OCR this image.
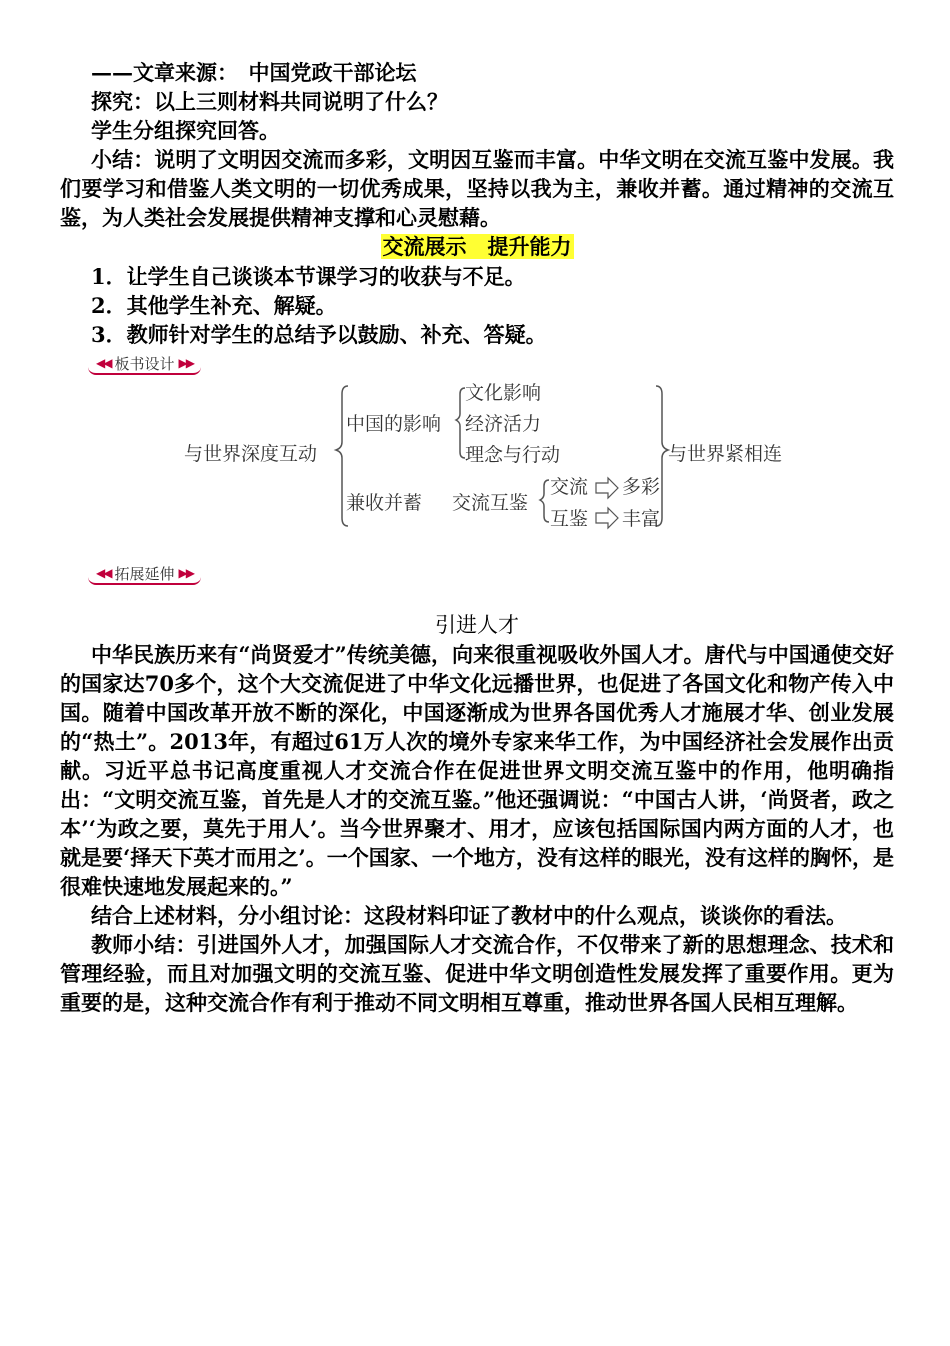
——文章来源：　中国党政干部论坛

探究：以上三则材料共同说明了什么？

学生分组探究回答。

小结：说明了文明因交流而多彩，文明因互鉴而丰富。中华文明在交流互鉴中发展。我们要学习和借鉴人类文明的一切优秀成果，坚持以我为主，兼收并蓄。通过精神的交流互鉴，为人类社会发展提供精神支撑和心灵慰藉。

交流展示　提升能力

1．让学生自己谈谈本节课学习的收获与不足。

2．其他学生补充、解疑。

3．教师针对学生的总结予以鼓励、补充、答疑。

◀◀ 板书设计 ▶▶
与世界深度互动
中国的影响
文化影响
经济活力
理念与行动
兼收并蓄 交流互鉴
交流 多彩
互鉴 丰富
与世界紧相连
◀◀ 拓展延伸 ▶▶

引进人才

中华民族历来有“尚贤爱才”传统美德，向来很重视吸收外国人才。唐代与中国通使交好的国家达70多个，这个大交流促进了中华文化远播世界，也促进了各国文化和物产传入中国。随着中国改革开放不断的深化，中国逐渐成为世界各国优秀人才施展才华、创业发展的“热土”。2013年，有超过61万人次的境外专家来华工作，为中国经济社会发展作出贡献。习近平总书记高度重视人才交流合作在促进世界文明交流互鉴中的作用，他明确指出：“文明交流互鉴，首先是人才的交流互鉴。”他还强调说：“中国古人讲，‘尚贤者，政之本’‘为政之要，莫先于用人’。当今世界聚才、用才，应该包括国际国内两方面的人才，也就是要‘择天下英才而用之’。一个国家、一个地方，没有这样的眼光，没有这样的胸怀，是很难快速地发展起来的。”

结合上述材料，分小组讨论：这段材料印证了教材中的什么观点，谈谈你的看法。

教师小结：引进国外人才，加强国际人才交流合作，不仅带来了新的思想理念、技术和管理经验，而且对加强文明的交流互鉴、促进中华文明创造性发展发挥了重要作用。更为重要的是，这种交流合作有利于推动不同文明相互尊重，推动世界各国人民相互理解。
